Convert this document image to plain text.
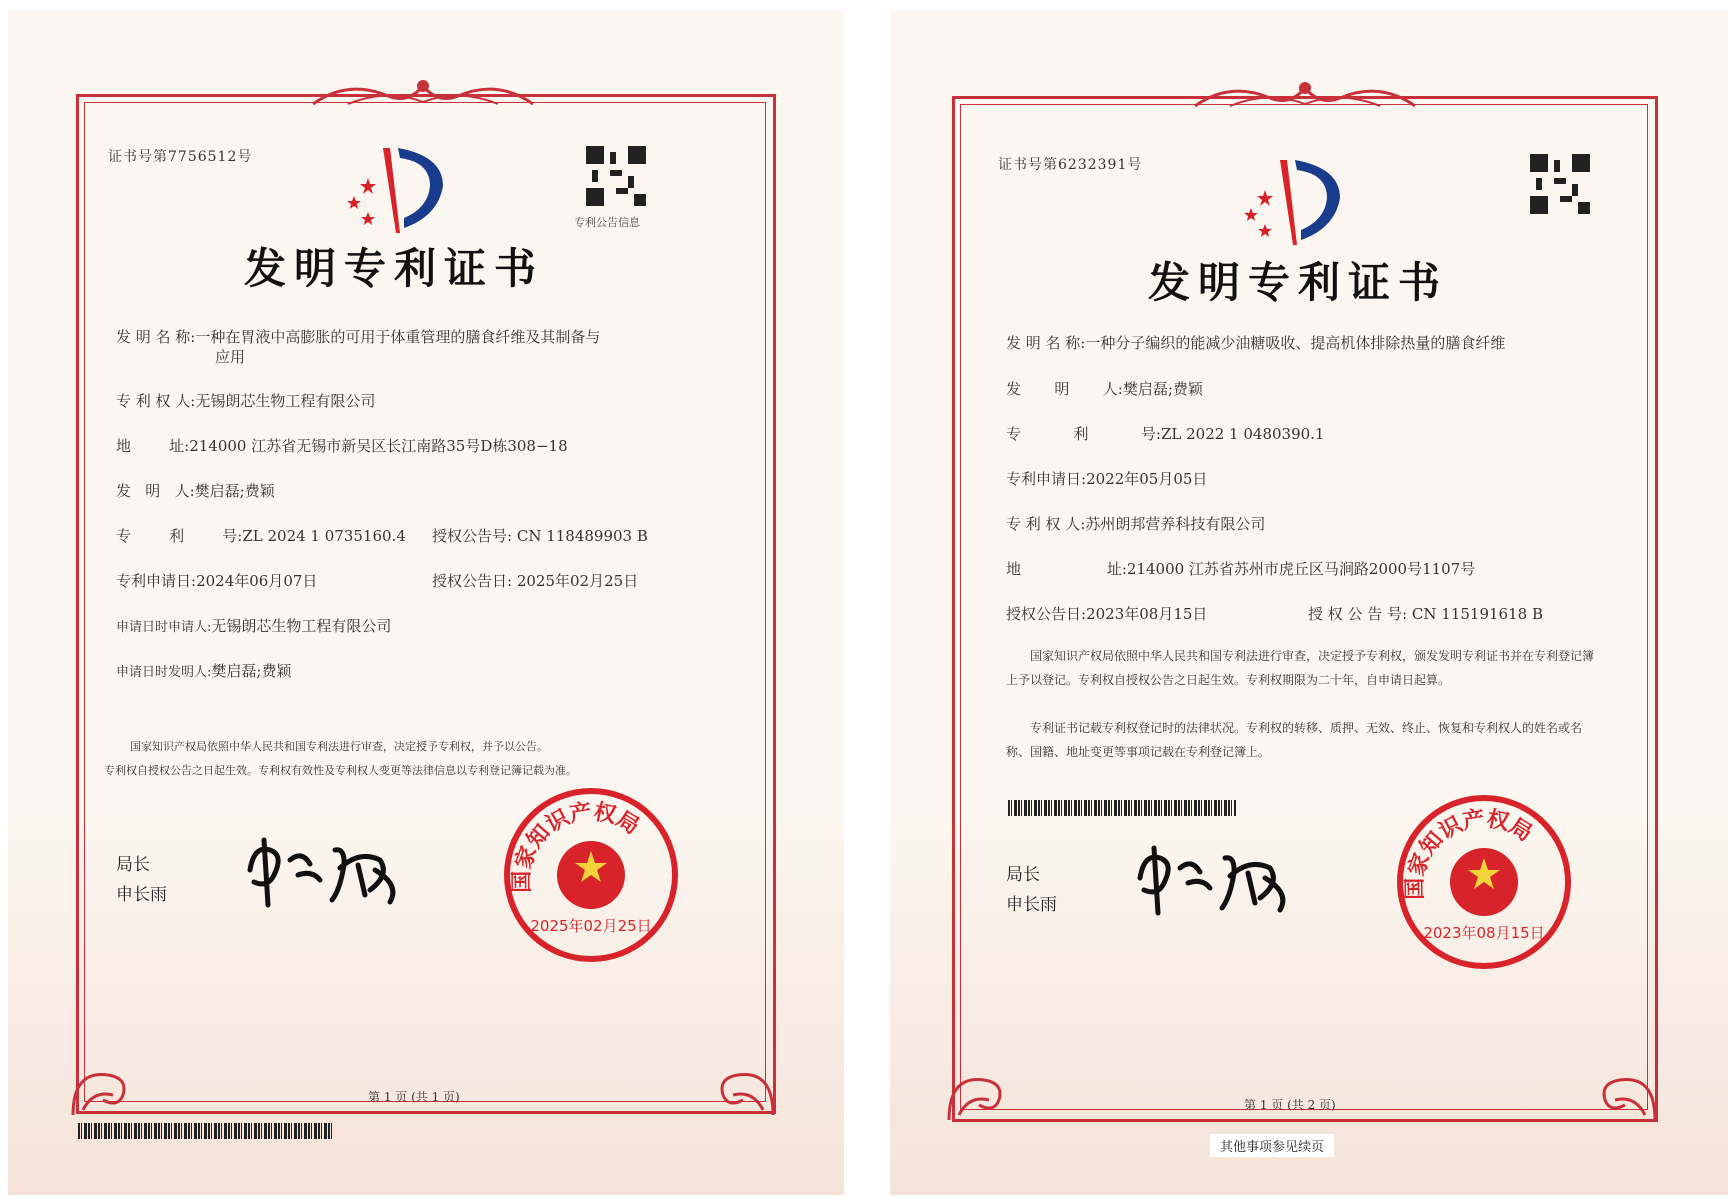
证书号第7756512号
专利公告信息
发明专利证书
发 明 名 称:一种在胃液中高膨胀的可用于体重管理的膳食纤维及其制备与
应用
专 利 权 人:无锡朗芯生物工程有限公司
地        址:214000 江苏省无锡市新吴区长江南路35号D栋308−18
发   明   人:樊启磊;费颖
专        利        号:ZL 2024 1 0735160.4 授权公告号: CN 118489903 B
专利申请日:2024年06月07日	授权公告日: 2025年02月25日
申请日时申请人:无锡朗芯生物工程有限公司
申请日时发明人:樊启磊;费颖
国家知识产权局依照中华人民共和国专利法进行审查，决定授予专利权，并予以公告。
专利权自授权公告之日起生效。专利权有效性及专利权人变更等法律信息以专利登记簿记载为准。
局长
申长雨
国家知识产权局
2025年02月25日
第 1 页 (共 1 页)
证书号第6232391号
发明专利证书
发 明 名 称:一种分子编织的能减少油糖吸收、提高机体排除热量的膳食纤维
发       明       人:樊启磊;费颖
专           利           号:ZL 2022 1 0480390.1
专利申请日:2022年05月05日
专 利 权 人:苏州朗邦营养科技有限公司
地                  址:214000 江苏省苏州市虎丘区马涧路2000号1107号
授权公告日:2023年08月15日	授 权 公 告 号: CN 115191618 B
国家知识产权局依照中华人民共和国专利法进行审查，决定授予专利权，颁发发明专利证书并在专利登记簿上予以登记。专利权自授权公告之日起生效。专利权期限为二十年，自申请日起算。
专利证书记载专利权登记时的法律状况。专利权的转移、质押、无效、终止、恢复和专利权人的姓名或名称、国籍、地址变更等事项记载在专利登记簿上。
局长
申长雨
国家知识产权局
2023年08月15日
第 1 页 (共 2 页)
其他事项参见续页
